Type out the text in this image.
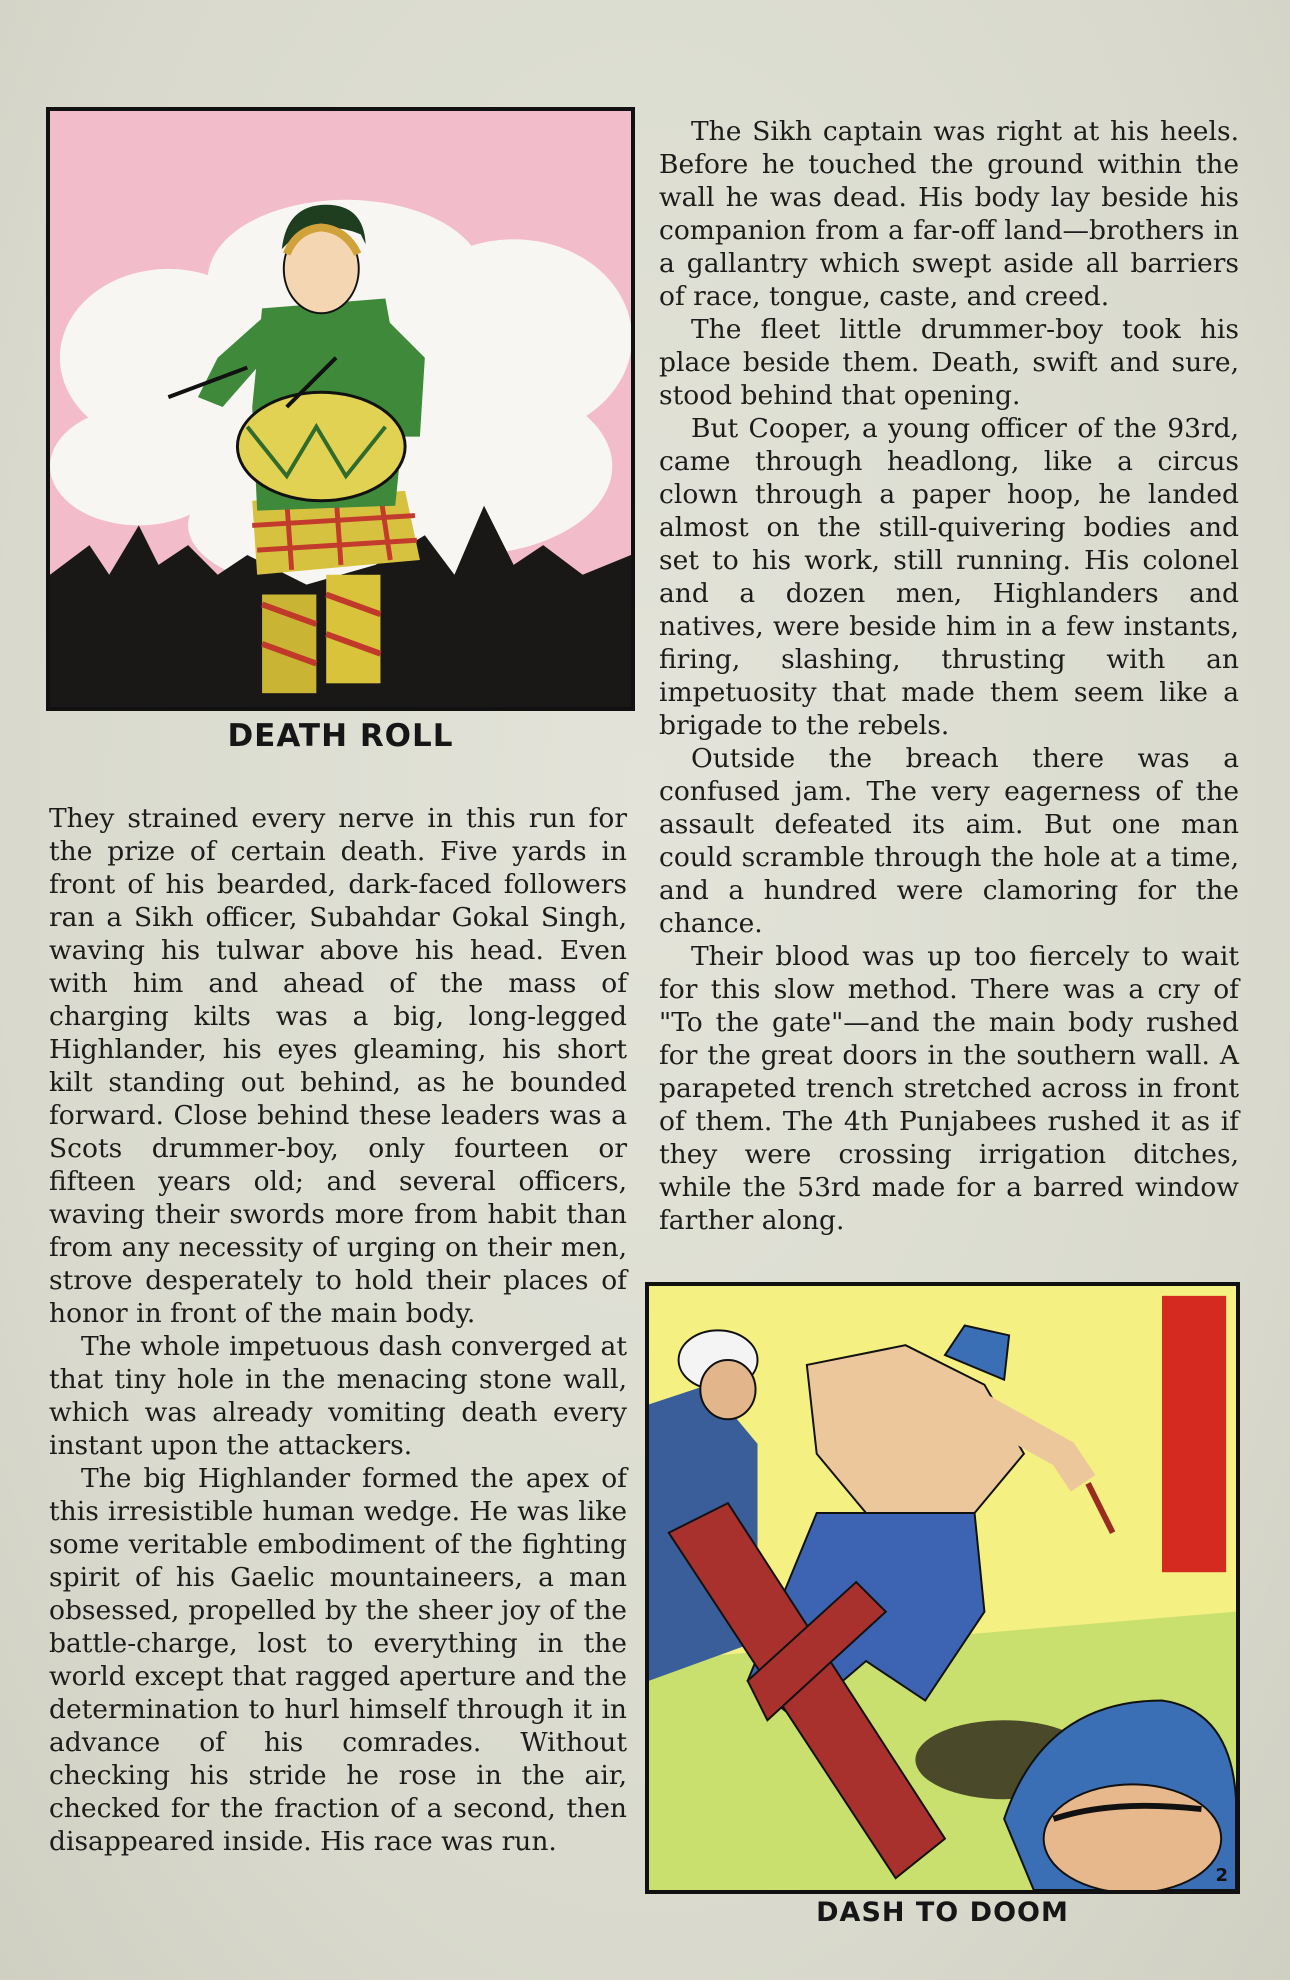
DEATH ROLL

The Sikh captain was right at his heels. Before he touched the ground within the wall he was dead. His body lay beside his companion from a far-off land—brothers in a gallantry which swept aside all barriers of race, tongue, caste, and creed.

The fleet little drummer-boy took his place beside them. Death, swift and sure, stood behind that opening.

But Cooper, a young officer of the 93rd, came through headlong, like a circus clown through a paper hoop, he landed almost on the still-quivering bodies and set to his work, still running. His colonel and a dozen men, Highlanders and natives, were beside him in a few instants, firing, slashing, thrusting with an impetuosity that made them seem like a brigade to the rebels.

Outside the breach there was a confused jam. The very eagerness of the assault defeated its aim. But one man could scramble through the hole at a time, and a hundred were clamoring for the chance.

Their blood was up too fiercely to wait for this slow method. There was a cry of "To the gate"—and the main body rushed for the great doors in the southern wall. A parapeted trench stretched across in front of them. The 4th Punjabees rushed it as if they were crossing irrigation ditches, while the 53rd made for a barred window farther along.

They strained every nerve in this run for the prize of certain death. Five yards in front of his bearded, dark-faced followers ran a Sikh officer, Subahdar Gokal Singh, waving his tulwar above his head. Even with him and ahead of the mass of charging kilts was a big, long-legged Highlander, his eyes gleaming, his short kilt standing out behind, as he bounded forward. Close behind these leaders was a Scots drummer-boy, only fourteen or fifteen years old; and several officers, waving their swords more from habit than from any necessity of urging on their men, strove desperately to hold their places of honor in front of the main body.

The whole impetuous dash converged at that tiny hole in the menacing stone wall, which was already vomiting death every instant upon the attackers.

The big Highlander formed the apex of this irresistible human wedge. He was like some veritable embodiment of the fighting spirit of his Gaelic mountaineers, a man obsessed, propelled by the sheer joy of the battle-charge, lost to everything in the world except that ragged aperture and the determination to hurl himself through it in advance of his comrades. Without checking his stride he rose in the air, checked for the fraction of a second, then disappeared inside. His race was run.

2
DASH TO DOOM
